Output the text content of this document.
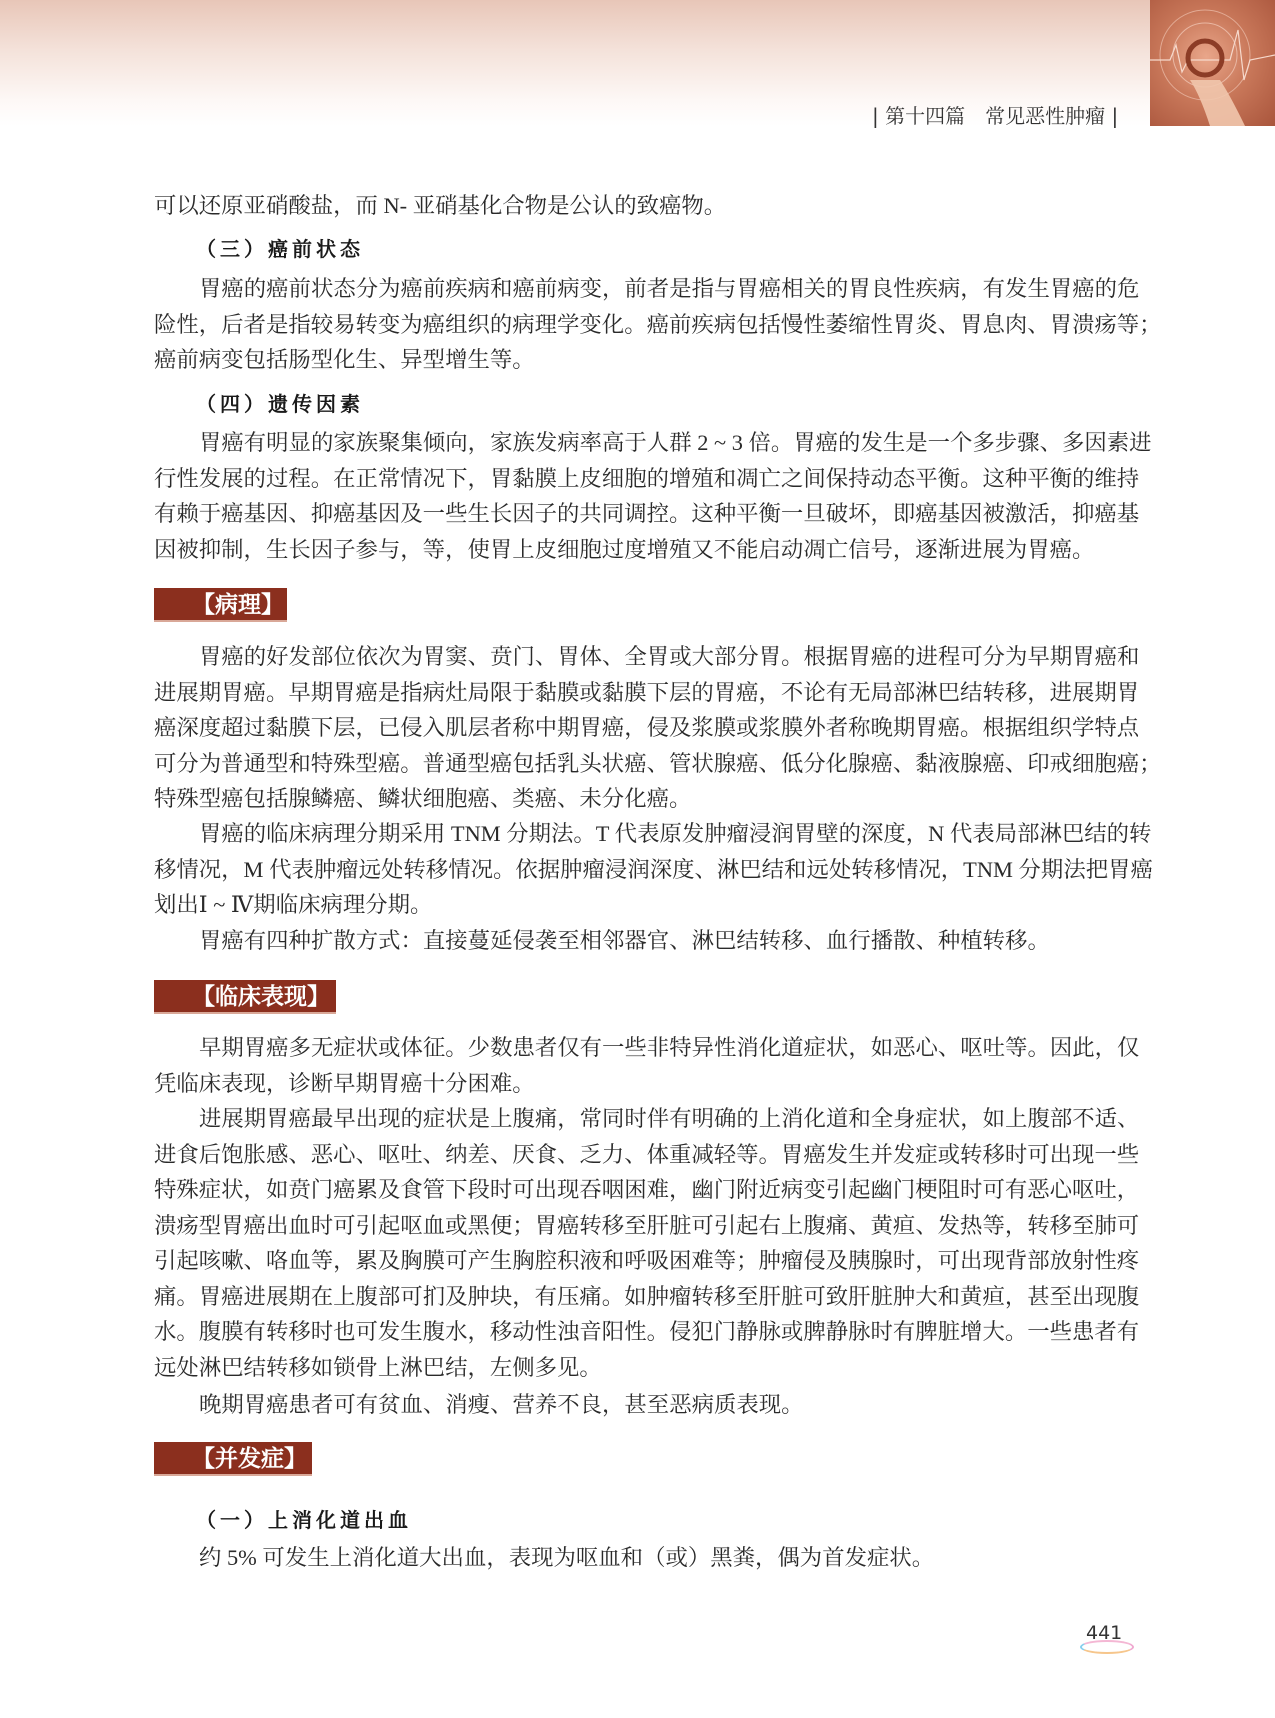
| 第十四篇　常见恶性肿瘤 |
可以还原亚硝酸盐，而 N- 亚硝基化合物是公认的致癌物。
（三）癌前状态
胃癌的癌前状态分为癌前疾病和癌前病变，前者是指与胃癌相关的胃良性疾病，有发生胃癌的危
险性，后者是指较易转变为癌组织的病理学变化。癌前疾病包括慢性萎缩性胃炎、胃息肉、胃溃疡等；
癌前病变包括肠型化生、异型增生等。
（四）遗传因素
胃癌有明显的家族聚集倾向，家族发病率高于人群 2 ~ 3 倍。胃癌的发生是一个多步骤、多因素进
行性发展的过程。在正常情况下，胃黏膜上皮细胞的增殖和凋亡之间保持动态平衡。这种平衡的维持
有赖于癌基因、抑癌基因及一些生长因子的共同调控。这种平衡一旦破坏，即癌基因被激活，抑癌基
因被抑制，生长因子参与，等，使胃上皮细胞过度增殖又不能启动凋亡信号，逐渐进展为胃癌。
【病理】
胃癌的好发部位依次为胃窦、贲门、胃体、全胃或大部分胃。根据胃癌的进程可分为早期胃癌和
进展期胃癌。早期胃癌是指病灶局限于黏膜或黏膜下层的胃癌，不论有无局部淋巴结转移，进展期胃
癌深度超过黏膜下层，已侵入肌层者称中期胃癌，侵及浆膜或浆膜外者称晚期胃癌。根据组织学特点
可分为普通型和特殊型癌。普通型癌包括乳头状癌、管状腺癌、低分化腺癌、黏液腺癌、印戒细胞癌；
特殊型癌包括腺鳞癌、鳞状细胞癌、类癌、未分化癌。
胃癌的临床病理分期采用 TNM 分期法。T 代表原发肿瘤浸润胃壁的深度，N 代表局部淋巴结的转
移情况，M 代表肿瘤远处转移情况。依据肿瘤浸润深度、淋巴结和远处转移情况，TNM 分期法把胃癌
划出Ⅰ ~ Ⅳ期临床病理分期。
胃癌有四种扩散方式：直接蔓延侵袭至相邻器官、淋巴结转移、血行播散、种植转移。
【临床表现】
早期胃癌多无症状或体征。少数患者仅有一些非特异性消化道症状，如恶心、呕吐等。因此，仅
凭临床表现，诊断早期胃癌十分困难。
进展期胃癌最早出现的症状是上腹痛，常同时伴有明确的上消化道和全身症状，如上腹部不适、
进食后饱胀感、恶心、呕吐、纳差、厌食、乏力、体重减轻等。胃癌发生并发症或转移时可出现一些
特殊症状，如贲门癌累及食管下段时可出现吞咽困难，幽门附近病变引起幽门梗阻时可有恶心呕吐，
溃疡型胃癌出血时可引起呕血或黑便；胃癌转移至肝脏可引起右上腹痛、黄疸、发热等，转移至肺可
引起咳嗽、咯血等，累及胸膜可产生胸腔积液和呼吸困难等；肿瘤侵及胰腺时，可出现背部放射性疼
痛。胃癌进展期在上腹部可扪及肿块，有压痛。如肿瘤转移至肝脏可致肝脏肿大和黄疸，甚至出现腹
水。腹膜有转移时也可发生腹水，移动性浊音阳性。侵犯门静脉或脾静脉时有脾脏增大。一些患者有
远处淋巴结转移如锁骨上淋巴结，左侧多见。
晚期胃癌患者可有贫血、消瘦、营养不良，甚至恶病质表现。
【并发症】
（一）上消化道出血
约 5% 可发生上消化道大出血，表现为呕血和（或）黑粪，偶为首发症状。
441
